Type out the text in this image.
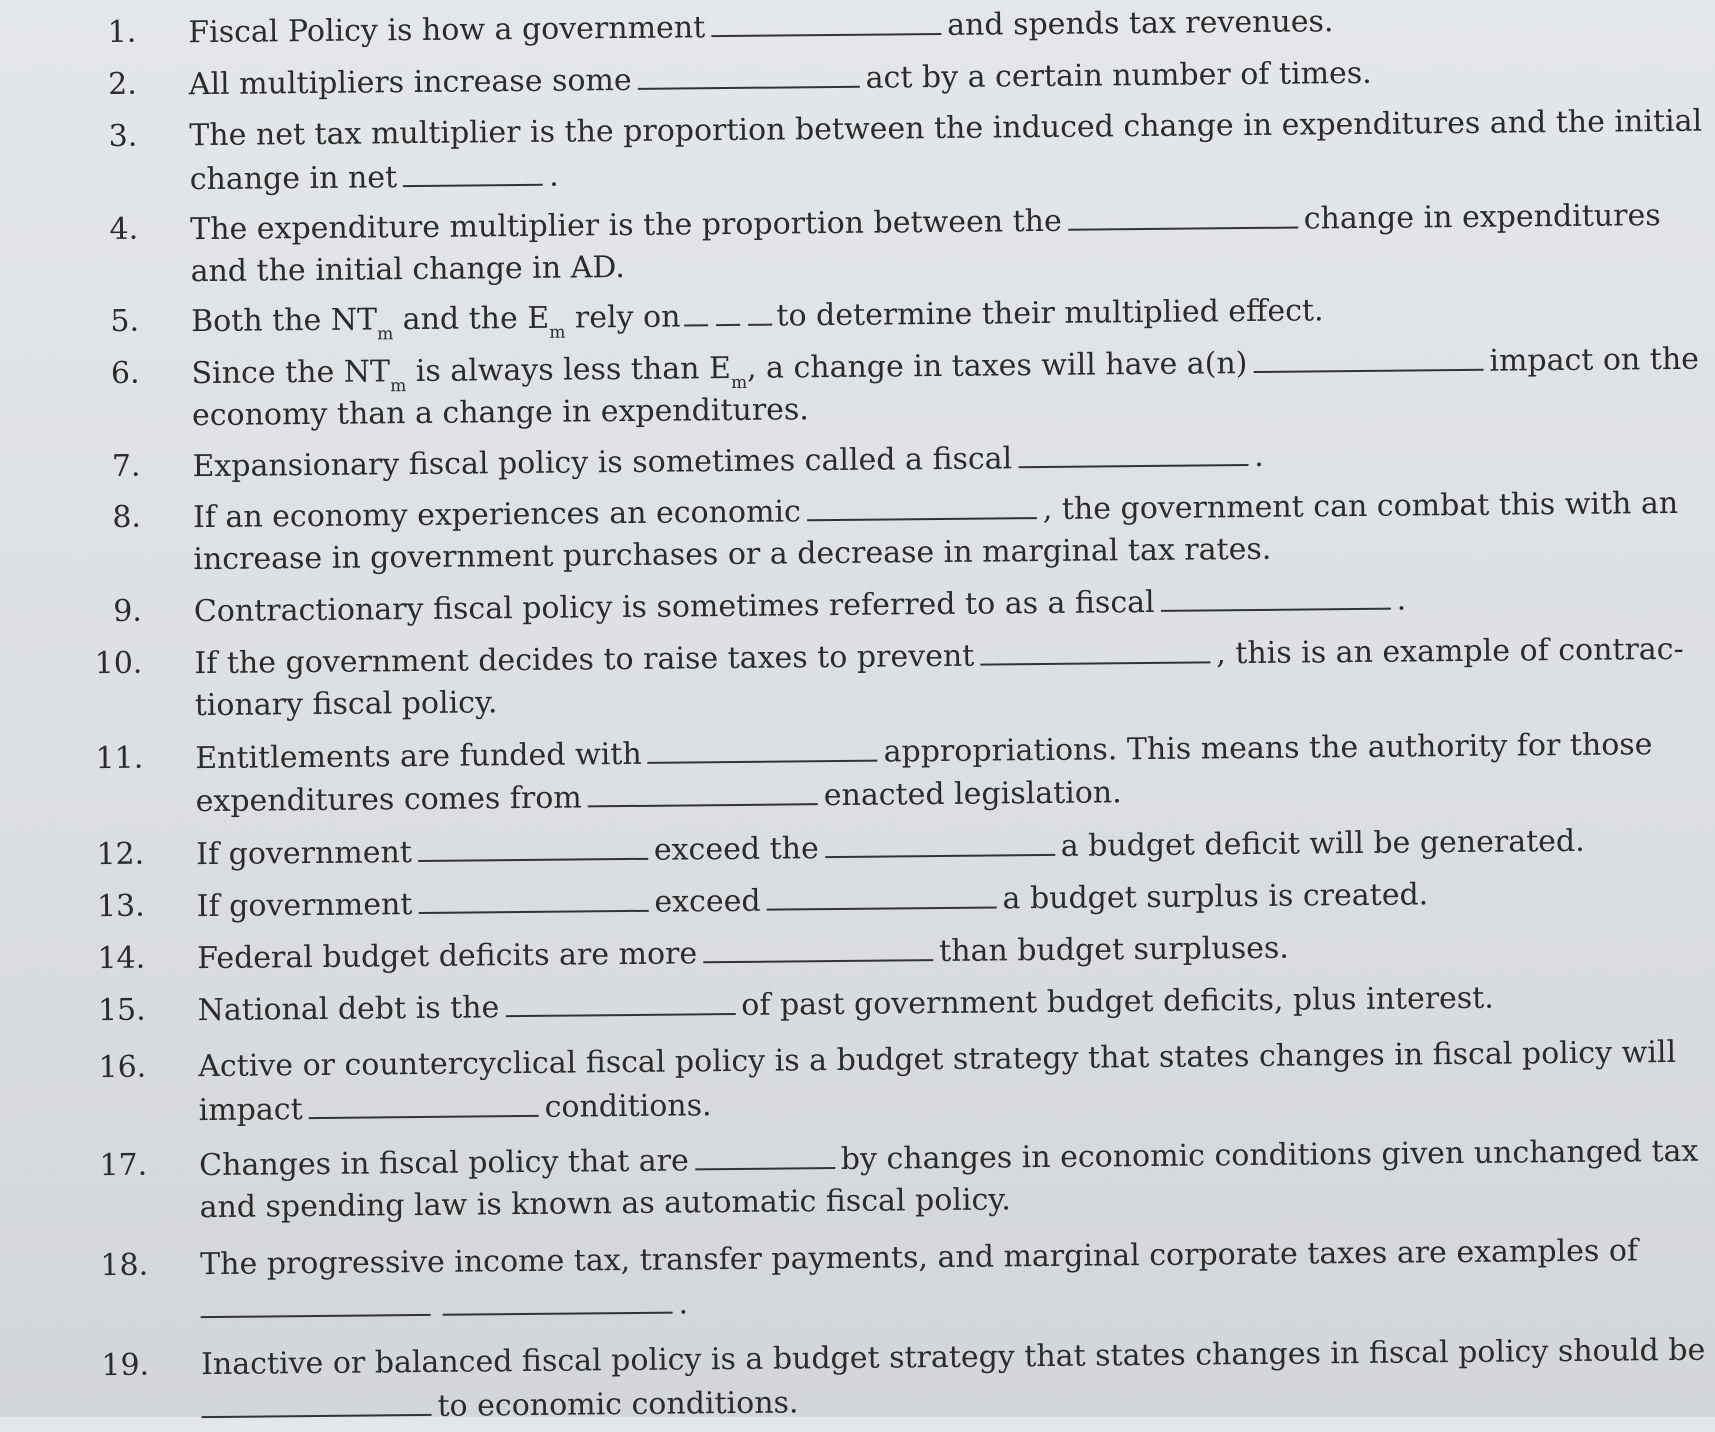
1. Fiscal Policy is how a government	and spends tax revenues.
2. All multipliers increase some	act by a certain number of times.
3. The net tax multiplier is the proportion between the induced change in expenditures and the initial
change in net	.
4. The expenditure multiplier is the proportion between the	change in expenditures
and the initial change in AD.
5. Both the $NT_m$ and the $E_m$ rely on	to determine their multiplied effect.
6. Since the $NT_m$ is always less than $E_m$, a change in taxes will have a(n)	impact on the
economy than a change in expenditures.
7. Expansionary fiscal policy is sometimes called a fiscal	.
8. If an economy experiences an economic	, the government can combat this with an
increase in government purchases or a decrease in marginal tax rates.
9. Contractionary fiscal policy is sometimes referred to as a fiscal	.
10. If the government decides to raise taxes to prevent	, this is an example of contrac-
tionary fiscal policy.
11. Entitlements are funded with	appropriations. This means the authority for those
expenditures comes from	enacted legislation.
12. If government	exceed the	a budget deficit will be generated.
13. If government	exceed	a budget surplus is created.
14. Federal budget deficits are more	than budget surpluses.
15. National debt is the	of past government budget deficits, plus interest.
16. Active or countercyclical fiscal policy is a budget strategy that states changes in fiscal policy will
impact	conditions.
17. Changes in fiscal policy that are	by changes in economic conditions given unchanged tax
and spending law is known as automatic fiscal policy.
18. The progressive income tax, transfer payments, and marginal corporate taxes are examples of
.
19. Inactive or balanced fiscal policy is a budget strategy that states changes in fiscal policy should be
to economic conditions.
